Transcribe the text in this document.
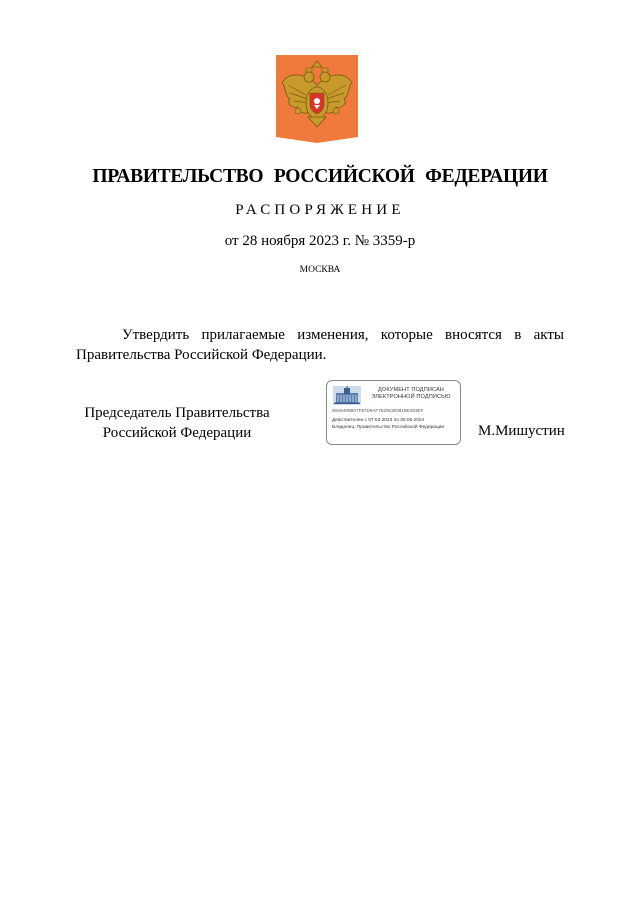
ПРАВИТЕЛЬСТВО РОССИЙСКОЙ ФЕДЕРАЦИИ
РАСПОРЯЖЕНИЕ
от 28 ноября 2023 г. № 3359-р
МОСКВА
Утвердить прилагаемые изменения, которые вносятся в акты Правительства Российской Федерации.
Председатель Правительства
Российской Федерации
ДОКУМЕНТ ПОДПИСАН
ЭЛЕКТРОННОЙ ПОДПИСЬЮ
00A6490B07F67D9AF7E29CBD91BE303EF
Действителен с 07.03.2023 по 30.05.2024
Владелец: Правительство Российской Федерации	М.Мишустин
